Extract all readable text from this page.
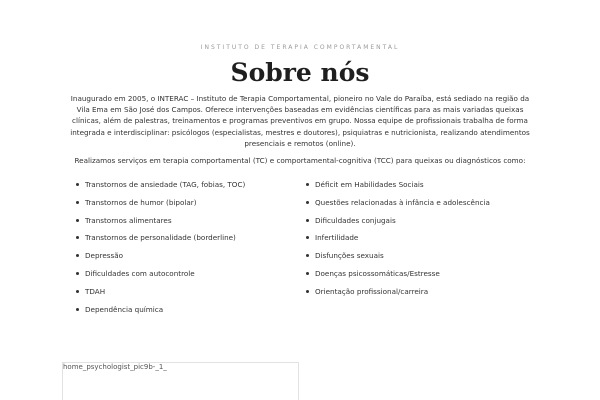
INSTITUTO DE TERAPIA COMPORTAMENTAL
Sobre nós

Inaugurado em 2005, o INTERAC – Instituto de Terapia Comportamental, pioneiro no Vale do Paraíba, está sediado na região da Vila Ema em São José dos Campos. Oferece intervenções baseadas em evidências científicas para as mais variadas queixas clínicas, além de palestras, treinamentos e programas preventivos em grupo. Nossa equipe de profissionais trabalha de forma integrada e interdisciplinar: psicólogos (especialistas, mestres e doutores), psiquiatras e nutricionista, realizando atendimentos presenciais e remotos (online).

Realizamos serviços em terapia comportamental (TC) e comportamental-cognitiva (TCC) para queixas ou diagnósticos como:

Transtornos de ansiedade (TAG, fobias, TOC)
Transtornos de humor (bipolar)
Transtornos alimentares
Transtornos de personalidade (borderline)
Depressão
Dificuldades com autocontrole
TDAH
Dependência química
Déficit em Habilidades Sociais
Questões relacionadas à infância e adolescência
Dificuldades conjugais
Infertilidade
Disfunções sexuais
Doenças psicossomáticas/Estresse
Orientação profissional/carreira
home_psychologist_pic9b-_1_
